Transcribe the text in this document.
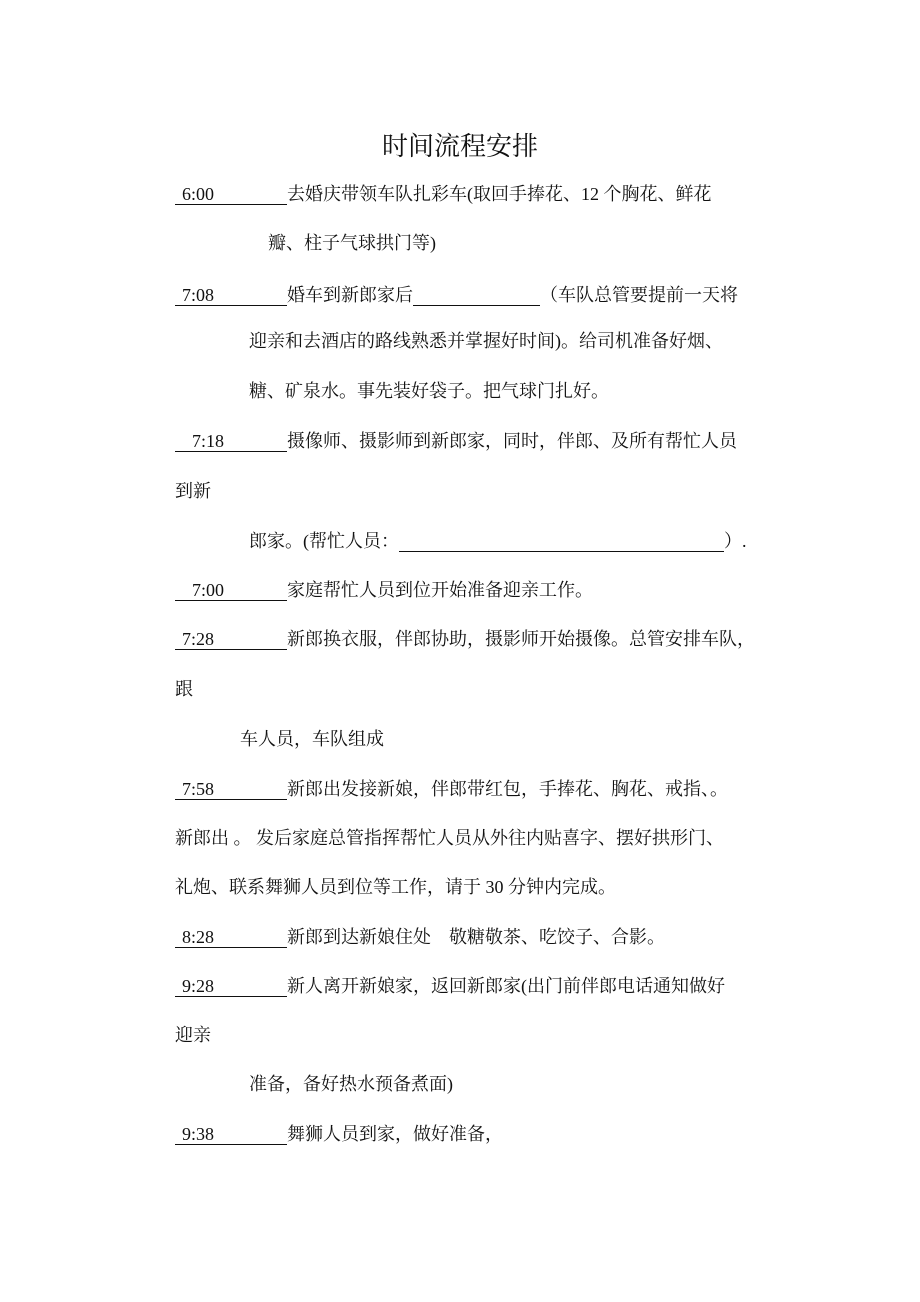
时间流程安排
6:00	去婚庆带领车队扎彩车(取回手捧花、12 个胸花、鲜花
瓣、柱子气球拱门等)
7:08	婚车到新郎家后	（车队总管要提前一天将
迎亲和去酒店的路线熟悉并掌握好时间)。给司机准备好烟、
糖、矿泉水。事先装好袋子。把气球门扎好。
7:18	摄像师、摄影师到新郎家，同时，伴郎、及所有帮忙人员
到新
郎家。(帮忙人员：	）.
7:00	家庭帮忙人员到位开始准备迎亲工作。
7:28	新郎换衣服，伴郎协助，摄影师开始摄像。总管安排车队，
跟
车人员，车队组成
7:58	新郎出发接新娘，伴郎带红包，手捧花、胸花、戒指、。
新郎出 。 发后家庭总管指挥帮忙人员从外往内贴喜字、摆好拱形门、
礼炮、联系舞狮人员到位等工作，请于 30 分钟内完成。
8:28	新郎到达新娘住处　敬糖敬茶、吃饺子、合影。
9:28	新人离开新娘家，返回新郎家(出门前伴郎电话通知做好
迎亲
准备，备好热水预备煮面)
9:38	舞狮人员到家，做好准备，
